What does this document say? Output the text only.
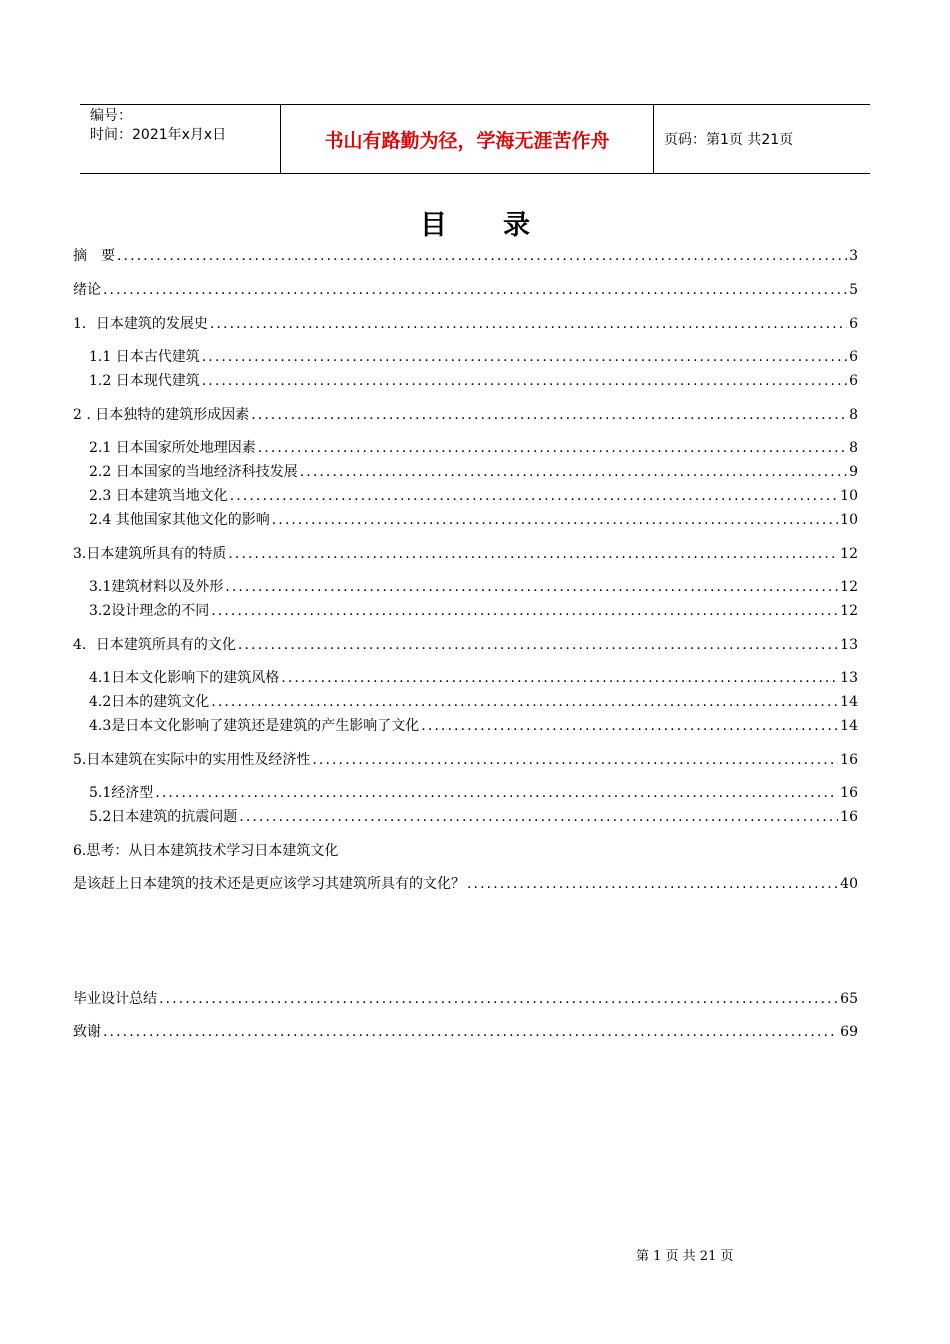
编号：
时间：2021年x月x日	书山有路勤为径，学海无涯苦作舟	页码：第1页 共21页
目录
摘　要 .....	3
绪论 .....	5
1．日本建筑的发展史 .....	6
1.1 日本古代建筑 .....	6
1.2 日本现代建筑 .....	6
2 . 日本独特的建筑形成因素 .....	8
2.1 日本国家所处地理因素 .....	8
2.2 日本国家的当地经济科技发展 .....	9
2.3 日本建筑当地文化 .....	10
2.4 其他国家其他文化的影响 .....	10
3.日本建筑所具有的特质 .....	12
3.1建筑材料以及外形 .....	12
3.2设计理念的不同 .....	12
4．日本建筑所具有的文化 .....	13
4.1日本文化影响下的建筑风格 .....	13
4.2日本的建筑文化 .....	14
4.3是日本文化影响了建筑还是建筑的产生影响了文化 .....	14
5.日本建筑在实际中的实用性及经济性 .....	16
5.1经济型 .....	16
5.2日本建筑的抗震问题 .....	16
6.思考：从日本建筑技术学习日本建筑文化
是该赶上日本建筑的技术还是更应该学习其建筑所具有的文化？ .....	40
毕业设计总结 .....	65
致谢 .....	69
第 1 页 共 21 页
